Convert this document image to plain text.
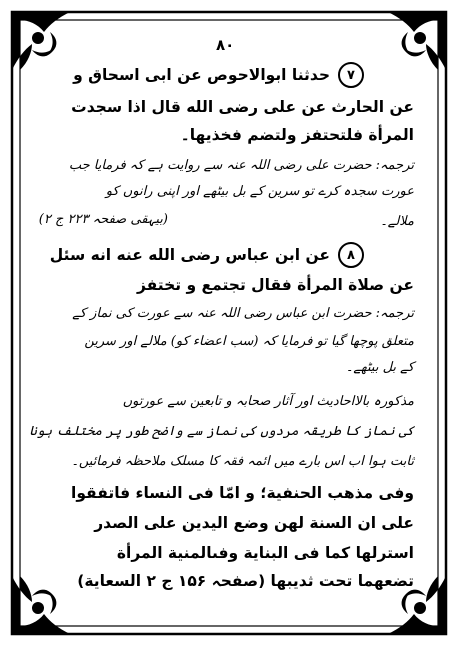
٨٠
٧
حدثنا ابوالاحوص عن ابى اسحاق و
عن الحارث عن على رضى الله قال اذا سجدت
المرأة فلتحتفز ولتضم فخذيها۔
ترجمہ: حضرت علی رضی اللہ عنہ سے روایت ہے کہ فرمایا جب
عورت سجدہ کرے تو سرین کے بل بیٹھے اور اپنی رانوں کو
ملالے۔
(بیہقی صفحہ ۲۲۳ ج ۲)
٨
عن ابن عباس رضى الله عنه انه سئل
عن صلاة المرأة فقال تجتمع و تختفز
ترجمہ: حضرت ابن عباس رضی اللہ عنہ سے عورت کی نماز کے
متعلق پوچھا گیا تو فرمایا کہ (سب اعضاء کو) ملالے اور سرین
کے بل بیٹھے۔
مذکورہ بالااحادیث اور آثار صحابہ و تابعین سے عورتوں
کی نماز کا طریقہ مردوں کی نماز سے واضح طور پر مختلف ہونا
ثابت ہوا اب اس بارے میں ائمہ فقہ کا مسلک ملاحظہ فرمائیں۔
وفى مذهب الحنفية؛ و امّا فى النساء فاتفقوا
على ان السنة لهن وضع اليدين على الصدر
استرلها كما فى البناية وفىالمنية المرأة
تضعهما تحت ثديبها (صفحہ ۱۵۶ ج ۲ السعاية)
